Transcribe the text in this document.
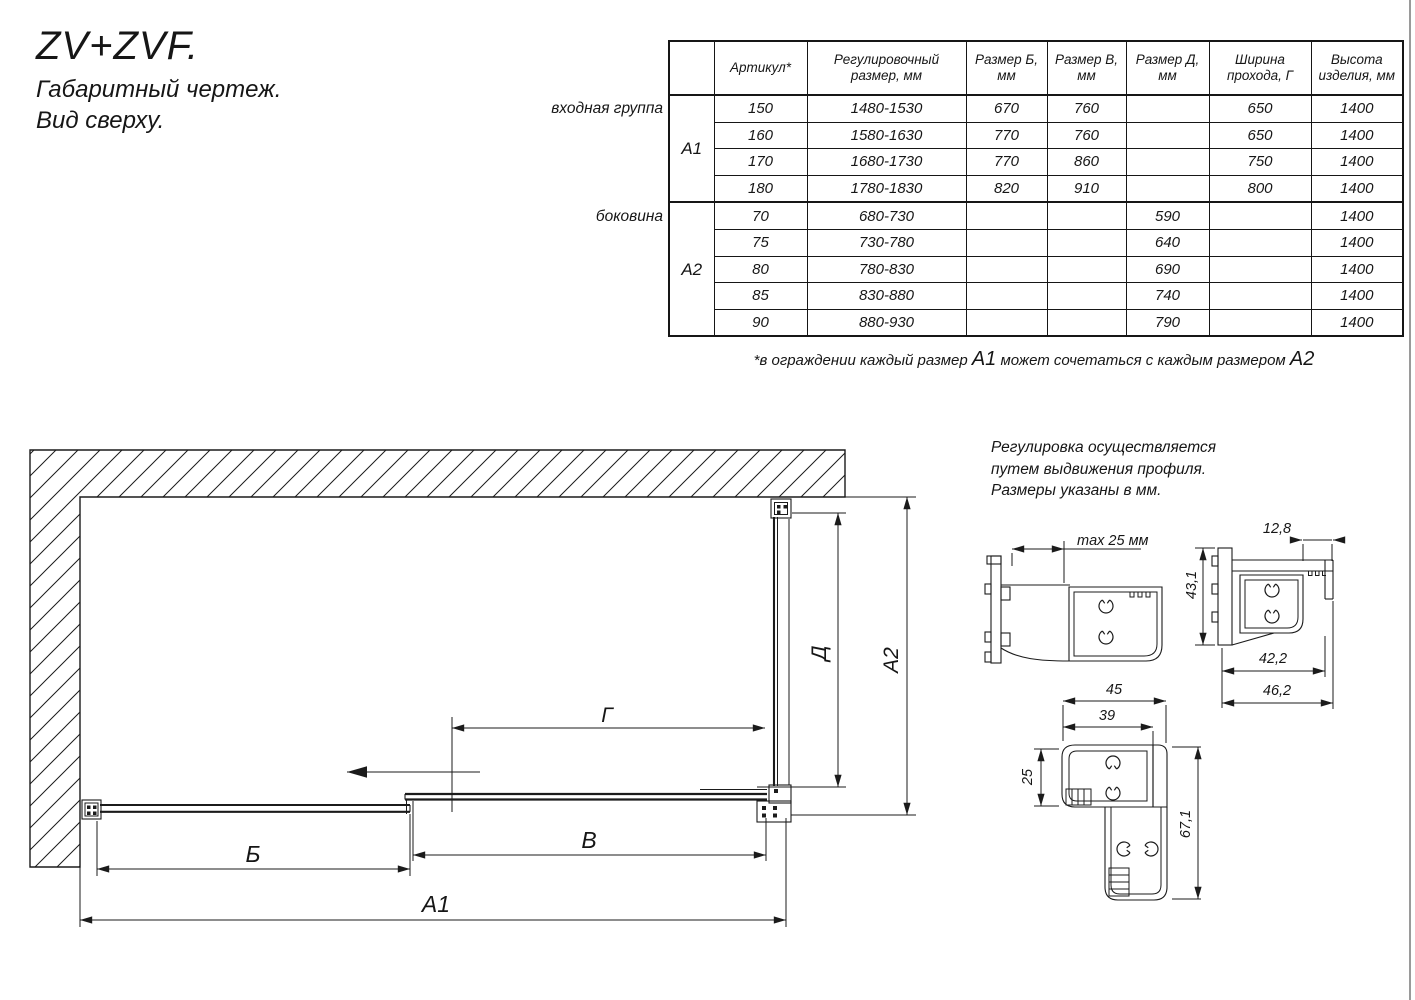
ZV+ZVF.
Габаритный чертеж.
Вид сверху.
	Артикул*	Регулировочный размер, мм	Размер Б, мм	Размер В, мм	Размер Д, мм	Ширина прохода, Г	Высота изделия, мм
А1	150	1480-1530	670	760		650	1400
	160	1580-1630	770	760		650	1400
	170	1680-1730	770	860		750	1400
	180	1780-1830	820	910		800	1400
А2	70	680-730			590		1400
	75	730-780			640		1400
	80	780-830			690		1400
	85	830-880			740		1400
	90	880-930			790		1400
входная группа
боковина
*в ограждении каждый размер А1 может сочетаться с каждым размером А2
Регулировка осуществляется
путем выдвижения профиля.
Размеры указаны в мм.
Г
Б
В
А1
Д А2
max 25 мм
12,8
43,1
42,2
46,2
45
39
25
67,1
